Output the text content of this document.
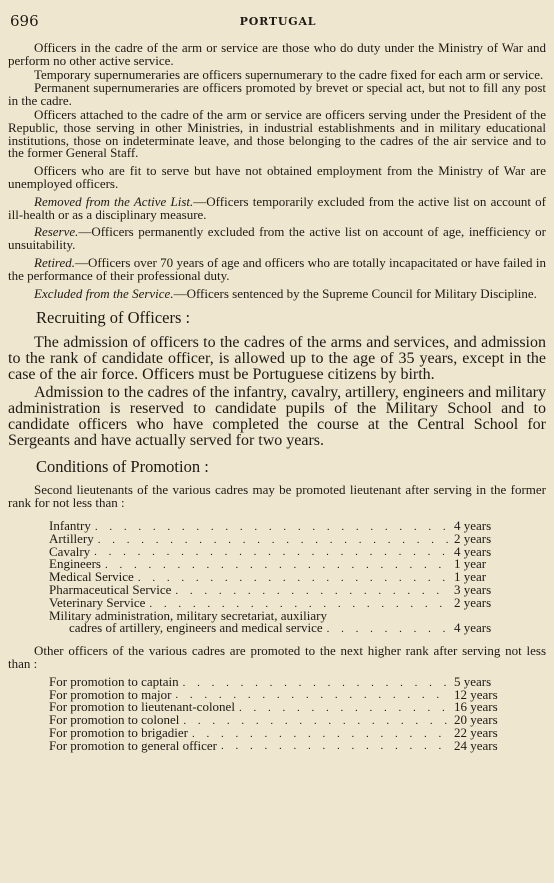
696	PORTUGAL

Officers in the cadre of the arm or service are those who do duty under the Ministry of War and perform no other active service.

Temporary supernumeraries are officers supernumerary to the cadre fixed for each arm or service.

Permanent supernumeraries are officers promoted by brevet or special act, but not to fill any post in the cadre.

Officers attached to the cadre of the arm or service are officers serving under the President of the Republic, those serving in other Ministries, in industrial establishments and in military educational institutions, those on indeterminate leave, and those belonging to the cadres of the air service and to the former General Staff.

Officers who are fit to serve but have not obtained employment from the Ministry of War are unemployed officers.

Removed from the Active List.—Officers temporarily excluded from the active list on account of ill-health or as a disciplinary measure.

Reserve.—Officers permanently excluded from the active list on account of age, inefficiency or unsuitability.

Retired.—Officers over 70 years of age and officers who are totally incapacitated or have failed in the performance of their professional duty.

Excluded from the Service.—Officers sentenced by the Supreme Council for Military Discipline.

Recruiting of Officers :

The admission of officers to the cadres of the arms and services, and admission to the rank of candidate officer, is allowed up to the age of 35 years, except in the case of the air force. Officers must be Portuguese citizens by birth.

Admission to the cadres of the infantry, cavalry, artillery, engineers and military administration is reserved to candidate pupils of the Military School and to candidate officers who have completed the course at the Central School for Sergeants and have actually served for two years.

Conditions of Promotion :

Second lieutenants of the various cadres may be promoted lieutenant after serving in the former rank for not less than :

Infantry . . .	4 years
Artillery . . .	2 years
Cavalry . . .	4 years
Engineers . . .	1 year
Medical Service . . .	1 year
Pharmaceutical Service . . .	3 years
Veterinary Service . . .	2 years
Military administration, military secretariat, auxiliary
cadres of artillery, engineers and medical service . . .	4 years

Other officers of the various cadres are promoted to the next higher rank after serving not less than :

For promotion to captain . . .	5 years
For promotion to major . . .	12 years
For promotion to lieutenant-colonel . . .	16 years
For promotion to colonel . . .	20 years
For promotion to brigadier . . .	22 years
For promotion to general officer . . .	24 years
